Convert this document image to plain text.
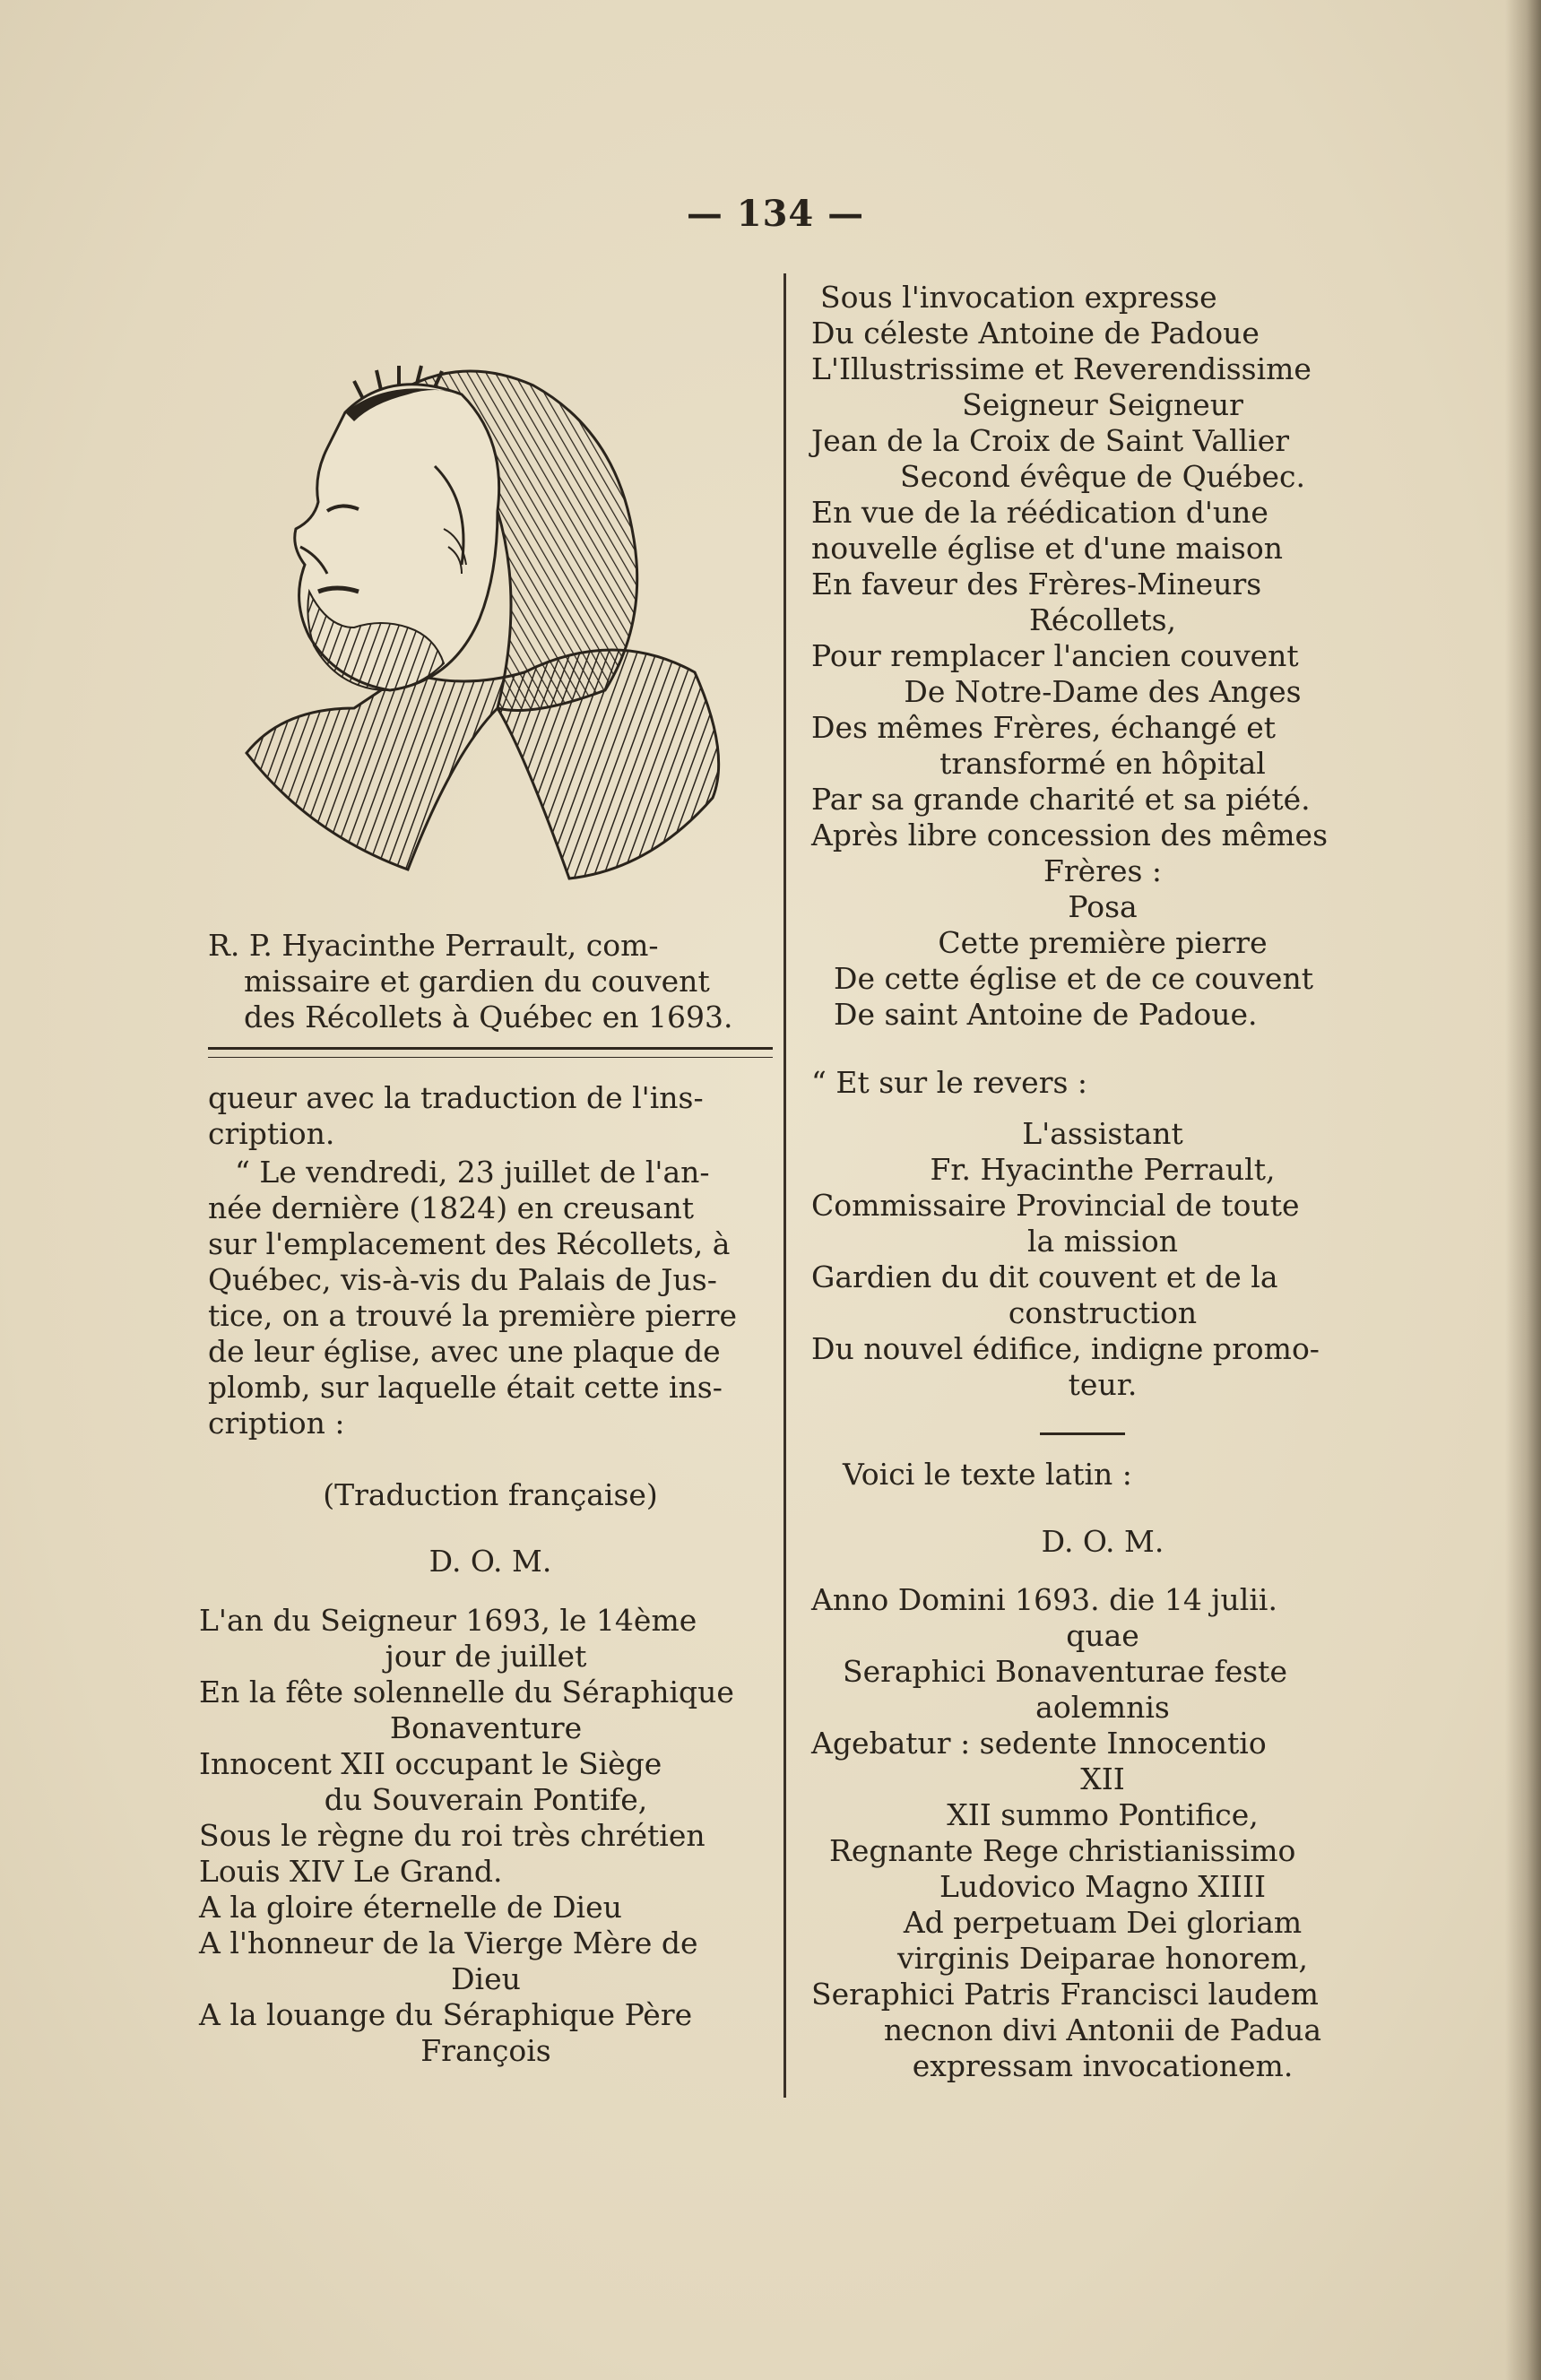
— 134 —
R. P. Hyacinthe Perrault, com-
missaire et gardien du couvent
des Récollets à Québec en 1693.
queur avec la traduction de l'ins-
cription.
“ Le vendredi, 23 juillet de l'an-
née dernière (1824) en creusant
sur l'emplacement des Récollets, à
Québec, vis-à-vis du Palais de Jus-
tice, on a trouvé la première pierre
de leur église, avec une plaque de
plomb, sur laquelle était cette ins-
cription :
(Traduction française)
D. O. M.
L'an du Seigneur 1693, le 14ème
jour de juillet
En la fête solennelle du Séraphique
Bonaventure
Innocent XII occupant le Siège
du Souverain Pontife,
Sous le règne du roi très chrétien
Louis XIV Le Grand.
A la gloire éternelle de Dieu
A l'honneur de la Vierge Mère de
Dieu
A la louange du Séraphique Père
François
Sous l'invocation expresse
Du céleste Antoine de Padoue
L'Illustrissime et Reverendissime
Seigneur Seigneur
Jean de la Croix de Saint Vallier
Second évêque de Québec.
En vue de la réédication d'une
nouvelle église et d'une maison
En faveur des Frères-Mineurs
Récollets,
Pour remplacer l'ancien couvent
De Notre-Dame des Anges
Des mêmes Frères, échangé et
transformé en hôpital
Par sa grande charité et sa piété.
Après libre concession des mêmes
Frères :
Posa
Cette première pierre
De cette église et de ce couvent
De saint Antoine de Padoue.
“ Et sur le revers :
L'assistant
Fr. Hyacinthe Perrault,
Commissaire Provincial de toute
la mission
Gardien du dit couvent et de la
construction
Du nouvel édifice, indigne promo-
teur.
Voici le texte latin :
D. O. M.
Anno Domini 1693. die 14 julii.
quae
Seraphici Bonaventurae feste
aolemnis
Agebatur : sedente Innocentio
XII
XII summo Pontifice,
Regnante Rege christianissimo
Ludovico Magno XIIII
Ad perpetuam Dei gloriam
virginis Deiparae honorem,
Seraphici Patris Francisci laudem
necnon divi Antonii de Padua
expressam invocationem.
